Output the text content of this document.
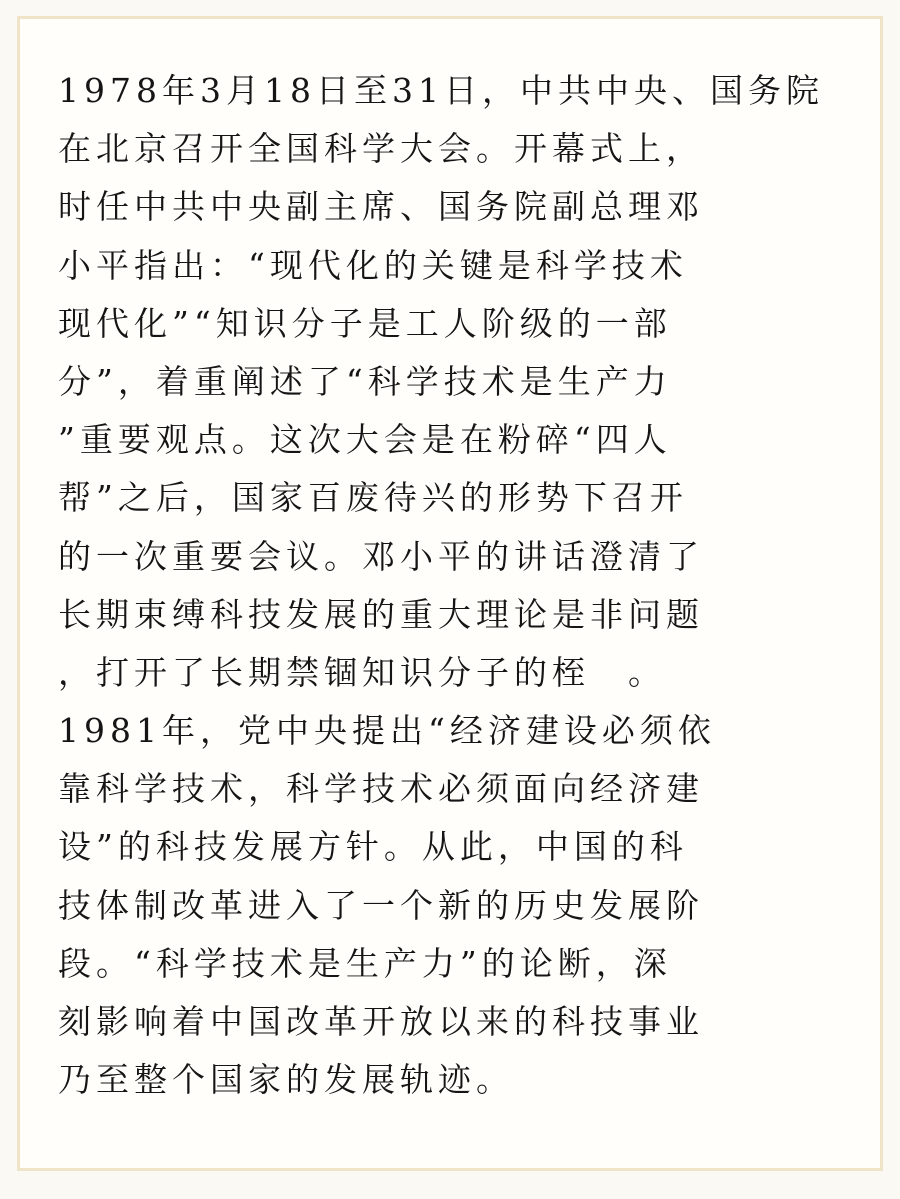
1978年3月18日至31日，中共中央、国务院
在北京召开全国科学大会。开幕式上，
时任中共中央副主席、国务院副总理邓
小平指出：“现代化的关键是科学技术
现代化”“知识分子是工人阶级的一部
分”，着重阐述了“科学技术是生产力
”重要观点。这次大会是在粉碎“四人
帮”之后，国家百废待兴的形势下召开
的一次重要会议。邓小平的讲话澄清了
长期束缚科技发展的重大理论是非问题
，打开了长期禁锢知识分子的桎　。
1981年，党中央提出“经济建设必须依
靠科学技术，科学技术必须面向经济建
设”的科技发展方针。从此，中国的科
技体制改革进入了一个新的历史发展阶
段。“科学技术是生产力”的论断，深
刻影响着中国改革开放以来的科技事业
乃至整个国家的发展轨迹。
